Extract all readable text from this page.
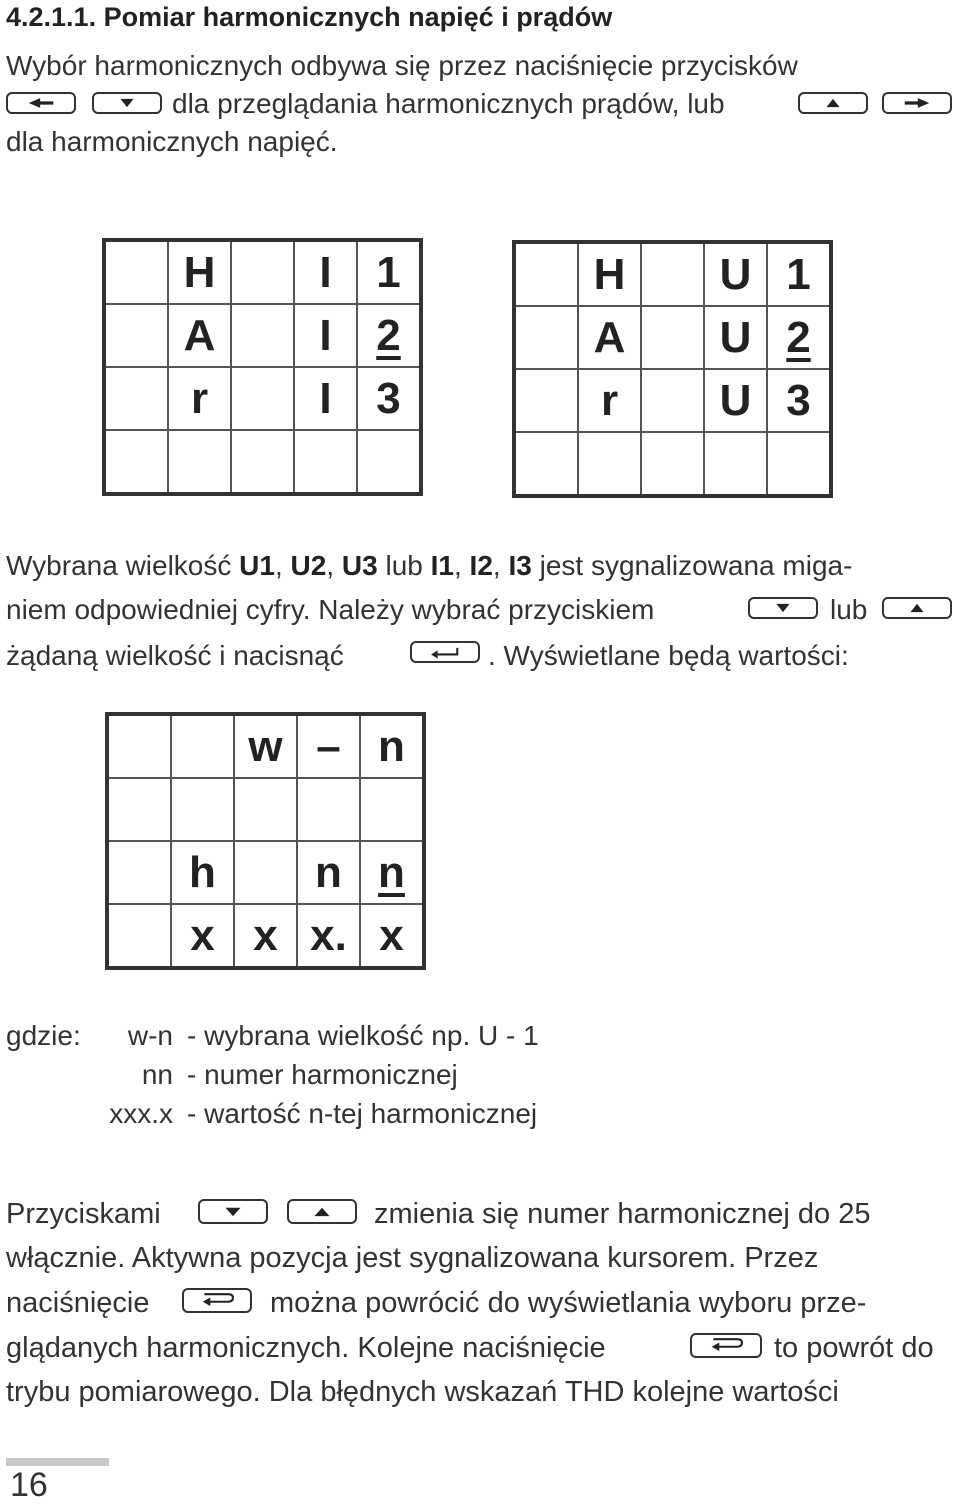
4.2.1.1. Pomiar harmonicznych napięć i prądów
Wybór harmonicznych odbywa się przez naciśnięcie przycisków
dla przeglądania harmonicznych prądów, lub
dla harmonicznych napięć.
	H		I	1
	A		I	2
	r		I	3

	H		U	1
	A		U	2
	r		U	3

Wybrana wielkość U1, U2, U3 lub I1, I2, I3 jest sygnalizowana miga-
niem odpowiedniej cyfry. Należy wybrać przyciskiem	lub
żądaną wielkość i nacisnąć	. Wyświetlane będą wartości:
		w	–	n

	h		n	n
	x	x	x.	x
gdzie:	w-n - wybrana wielkość np. U - 1
nn - numer harmonicznej
xxx.x - wartość n-tej harmonicznej
Przyciskami	zmienia się numer harmonicznej do 25
włącznie. Aktywna pozycja jest sygnalizowana kursorem. Przez
naciśnięcie	można powrócić do wyświetlania wyboru prze-
glądanych harmonicznych. Kolejne naciśnięcie	to powrót do
trybu pomiarowego. Dla błędnych wskazań THD kolejne wartości
16
